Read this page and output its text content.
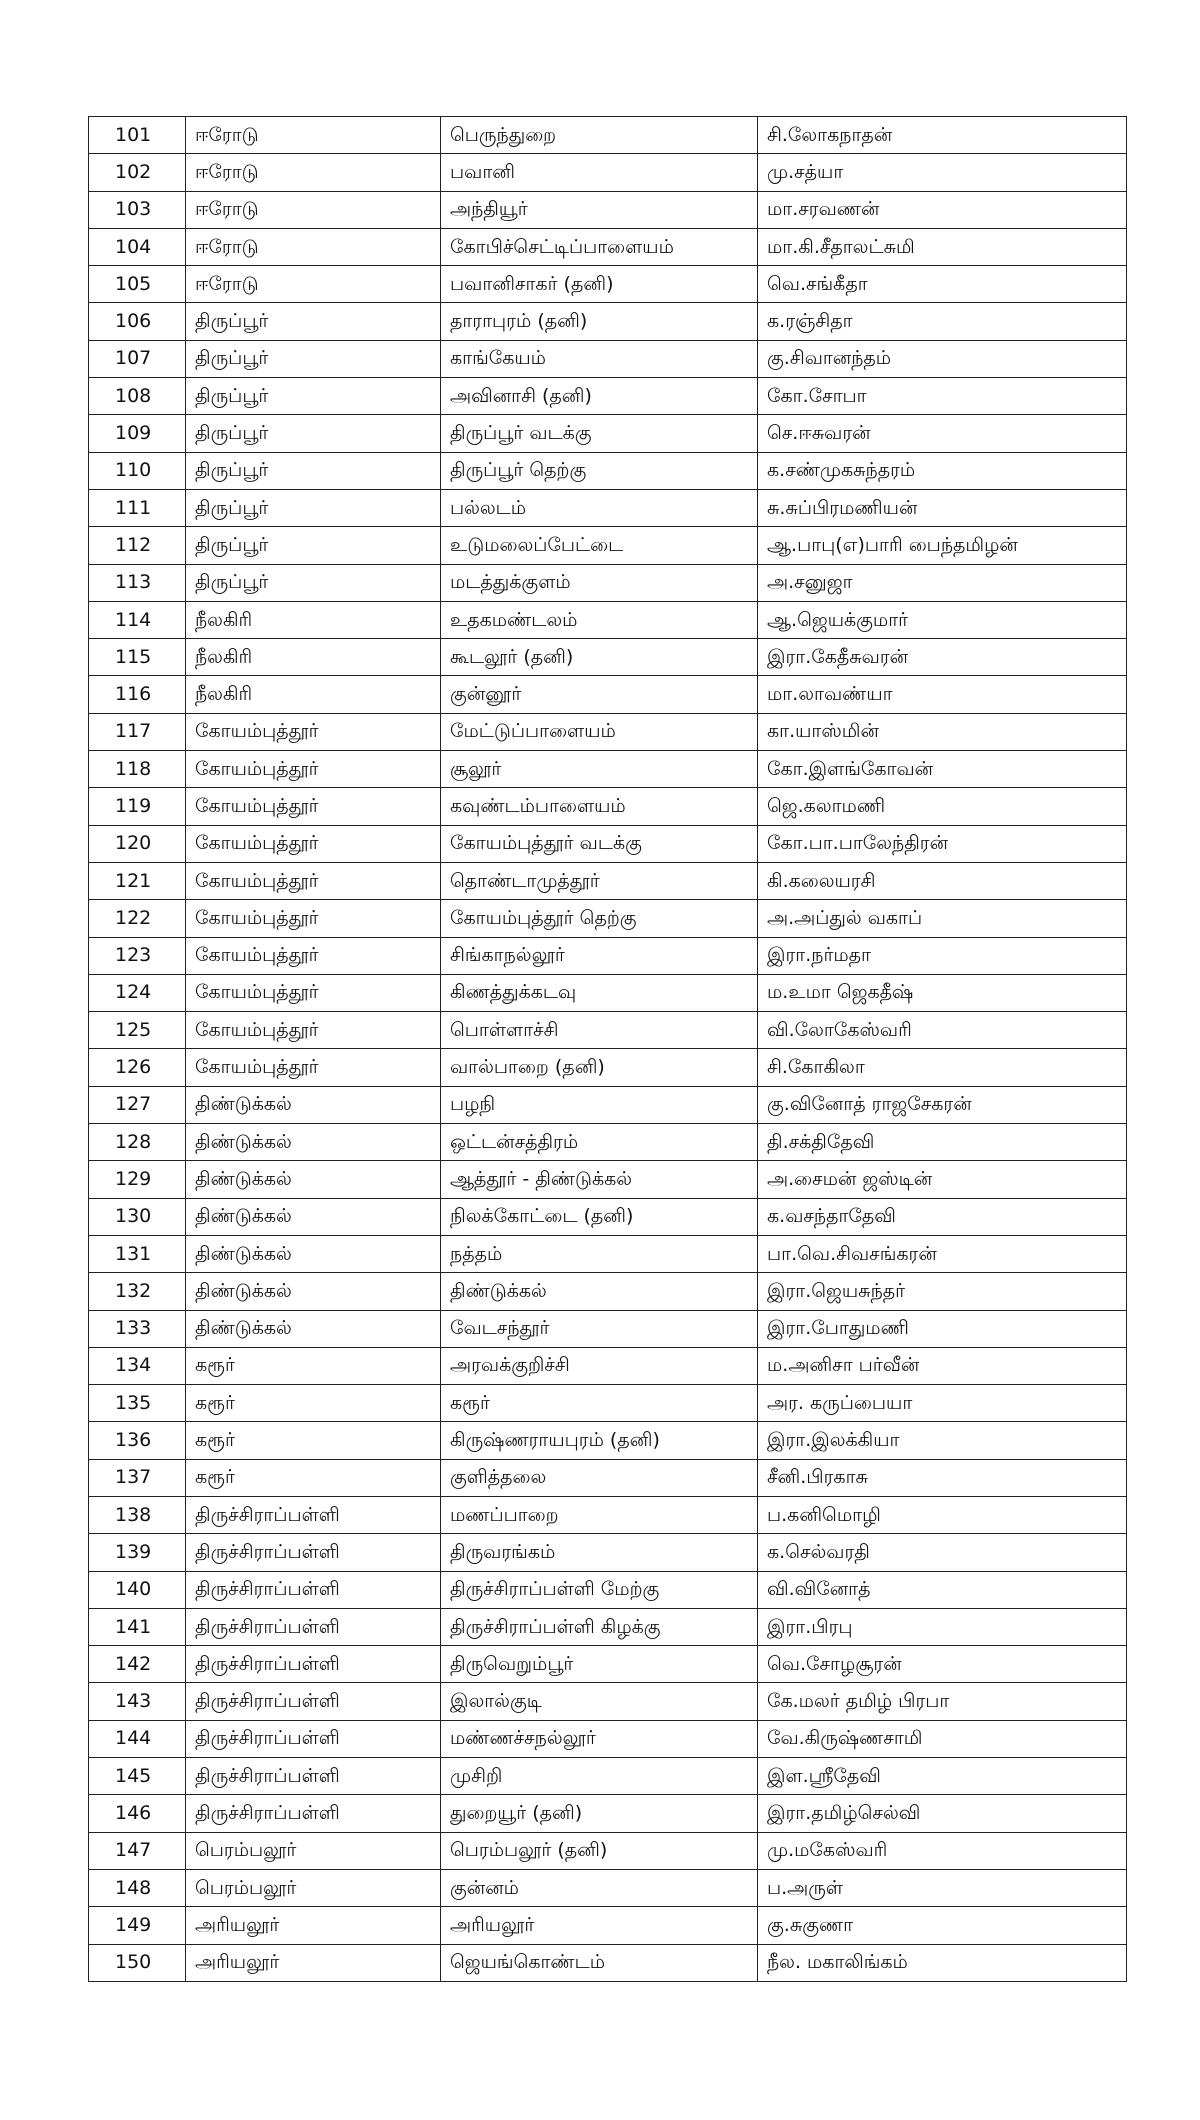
101	ஈரோடு	பெருந்துறை	சி.லோகநாதன்
102	ஈரோடு	பவானி	மு.சத்யா
103	ஈரோடு	அந்தியூர்	மா.சரவணன்
104	ஈரோடு	கோபிச்செட்டிப்பாளையம்	மா.கி.சீதாலட்சுமி
105	ஈரோடு	பவானிசாகர் (தனி)	வெ.சங்கீதா
106	திருப்பூர்	தாராபுரம் (தனி)	க.ரஞ்சிதா
107	திருப்பூர்	காங்கேயம்	கு.சிவானந்தம்
108	திருப்பூர்	அவினாசி (தனி)	கோ.சோபா
109	திருப்பூர்	திருப்பூர் வடக்கு	செ.ஈசுவரன்
110	திருப்பூர்	திருப்பூர் தெற்கு	க.சண்முகசுந்தரம்
111	திருப்பூர்	பல்லடம்	சு.சுப்பிரமணியன்
112	திருப்பூர்	உடுமலைப்பேட்டை	ஆ.பாபு(எ)பாரி பைந்தமிழன்
113	திருப்பூர்	மடத்துக்குளம்	அ.சனுஜா
114	நீலகிரி	உதகமண்டலம்	ஆ.ஜெயக்குமார்
115	நீலகிரி	கூடலூர் (தனி)	இரா.கேதீசுவரன்
116	நீலகிரி	குன்னூர்	மா.லாவண்யா
117	கோயம்புத்தூர்	மேட்டுப்பாளையம்	கா.யாஸ்மின்
118	கோயம்புத்தூர்	சூலூர்	கோ.இளங்கோவன்
119	கோயம்புத்தூர்	கவுண்டம்பாளையம்	ஜெ.கலாமணி
120	கோயம்புத்தூர்	கோயம்புத்தூர் வடக்கு	கோ.பா.பாலேந்திரன்
121	கோயம்புத்தூர்	தொண்டாமுத்தூர்	கி.கலையரசி
122	கோயம்புத்தூர்	கோயம்புத்தூர் தெற்கு	அ.அப்துல் வகாப்
123	கோயம்புத்தூர்	சிங்காநல்லூர்	இரா.நர்மதா
124	கோயம்புத்தூர்	கிணத்துக்கடவு	ம.உமா ஜெகதீஷ்
125	கோயம்புத்தூர்	பொள்ளாச்சி	வி.லோகேஸ்வரி
126	கோயம்புத்தூர்	வால்பாறை (தனி)	சி.கோகிலா
127	திண்டுக்கல்	பழநி	கு.வினோத் ராஜசேகரன்
128	திண்டுக்கல்	ஒட்டன்சத்திரம்	தி.சக்திதேவி
129	திண்டுக்கல்	ஆத்தூர் - திண்டுக்கல்	அ.சைமன் ஜஸ்டின்
130	திண்டுக்கல்	நிலக்கோட்டை (தனி)	க.வசந்தாதேவி
131	திண்டுக்கல்	நத்தம்	பா.வெ.சிவசங்கரன்
132	திண்டுக்கல்	திண்டுக்கல்	இரா.ஜெயசுந்தர்
133	திண்டுக்கல்	வேடசந்தூர்	இரா.போதுமணி
134	கரூர்	அரவக்குறிச்சி	ம.அனிசா பர்வீன்
135	கரூர்	கரூர்	அர. கருப்பையா
136	கரூர்	கிருஷ்ணராயபுரம் (தனி)	இரா.இலக்கியா
137	கரூர்	குளித்தலை	சீனி.பிரகாசு
138	திருச்சிராப்பள்ளி	மணப்பாறை	ப.கனிமொழி
139	திருச்சிராப்பள்ளி	திருவரங்கம்	க.செல்வரதி
140	திருச்சிராப்பள்ளி	திருச்சிராப்பள்ளி மேற்கு	வி.வினோத்
141	திருச்சிராப்பள்ளி	திருச்சிராப்பள்ளி கிழக்கு	இரா.பிரபு
142	திருச்சிராப்பள்ளி	திருவெறும்பூர்	வெ.சோழசூரன்
143	திருச்சிராப்பள்ளி	இலால்குடி	கே.மலர் தமிழ் பிரபா
144	திருச்சிராப்பள்ளி	மண்ணச்சநல்லூர்	வே.கிருஷ்ணசாமி
145	திருச்சிராப்பள்ளி	முசிறி	இள.ஸ்ரீதேவி
146	திருச்சிராப்பள்ளி	துறையூர் (தனி)	இரா.தமிழ்செல்வி
147	பெரம்பலூர்	பெரம்பலூர் (தனி)	மு.மகேஸ்வரி
148	பெரம்பலூர்	குன்னம்	ப.அருள்
149	அரியலூர்	அரியலூர்	கு.சுகுணா
150	அரியலூர்	ஜெயங்கொண்டம்	நீல. மகாலிங்கம்
